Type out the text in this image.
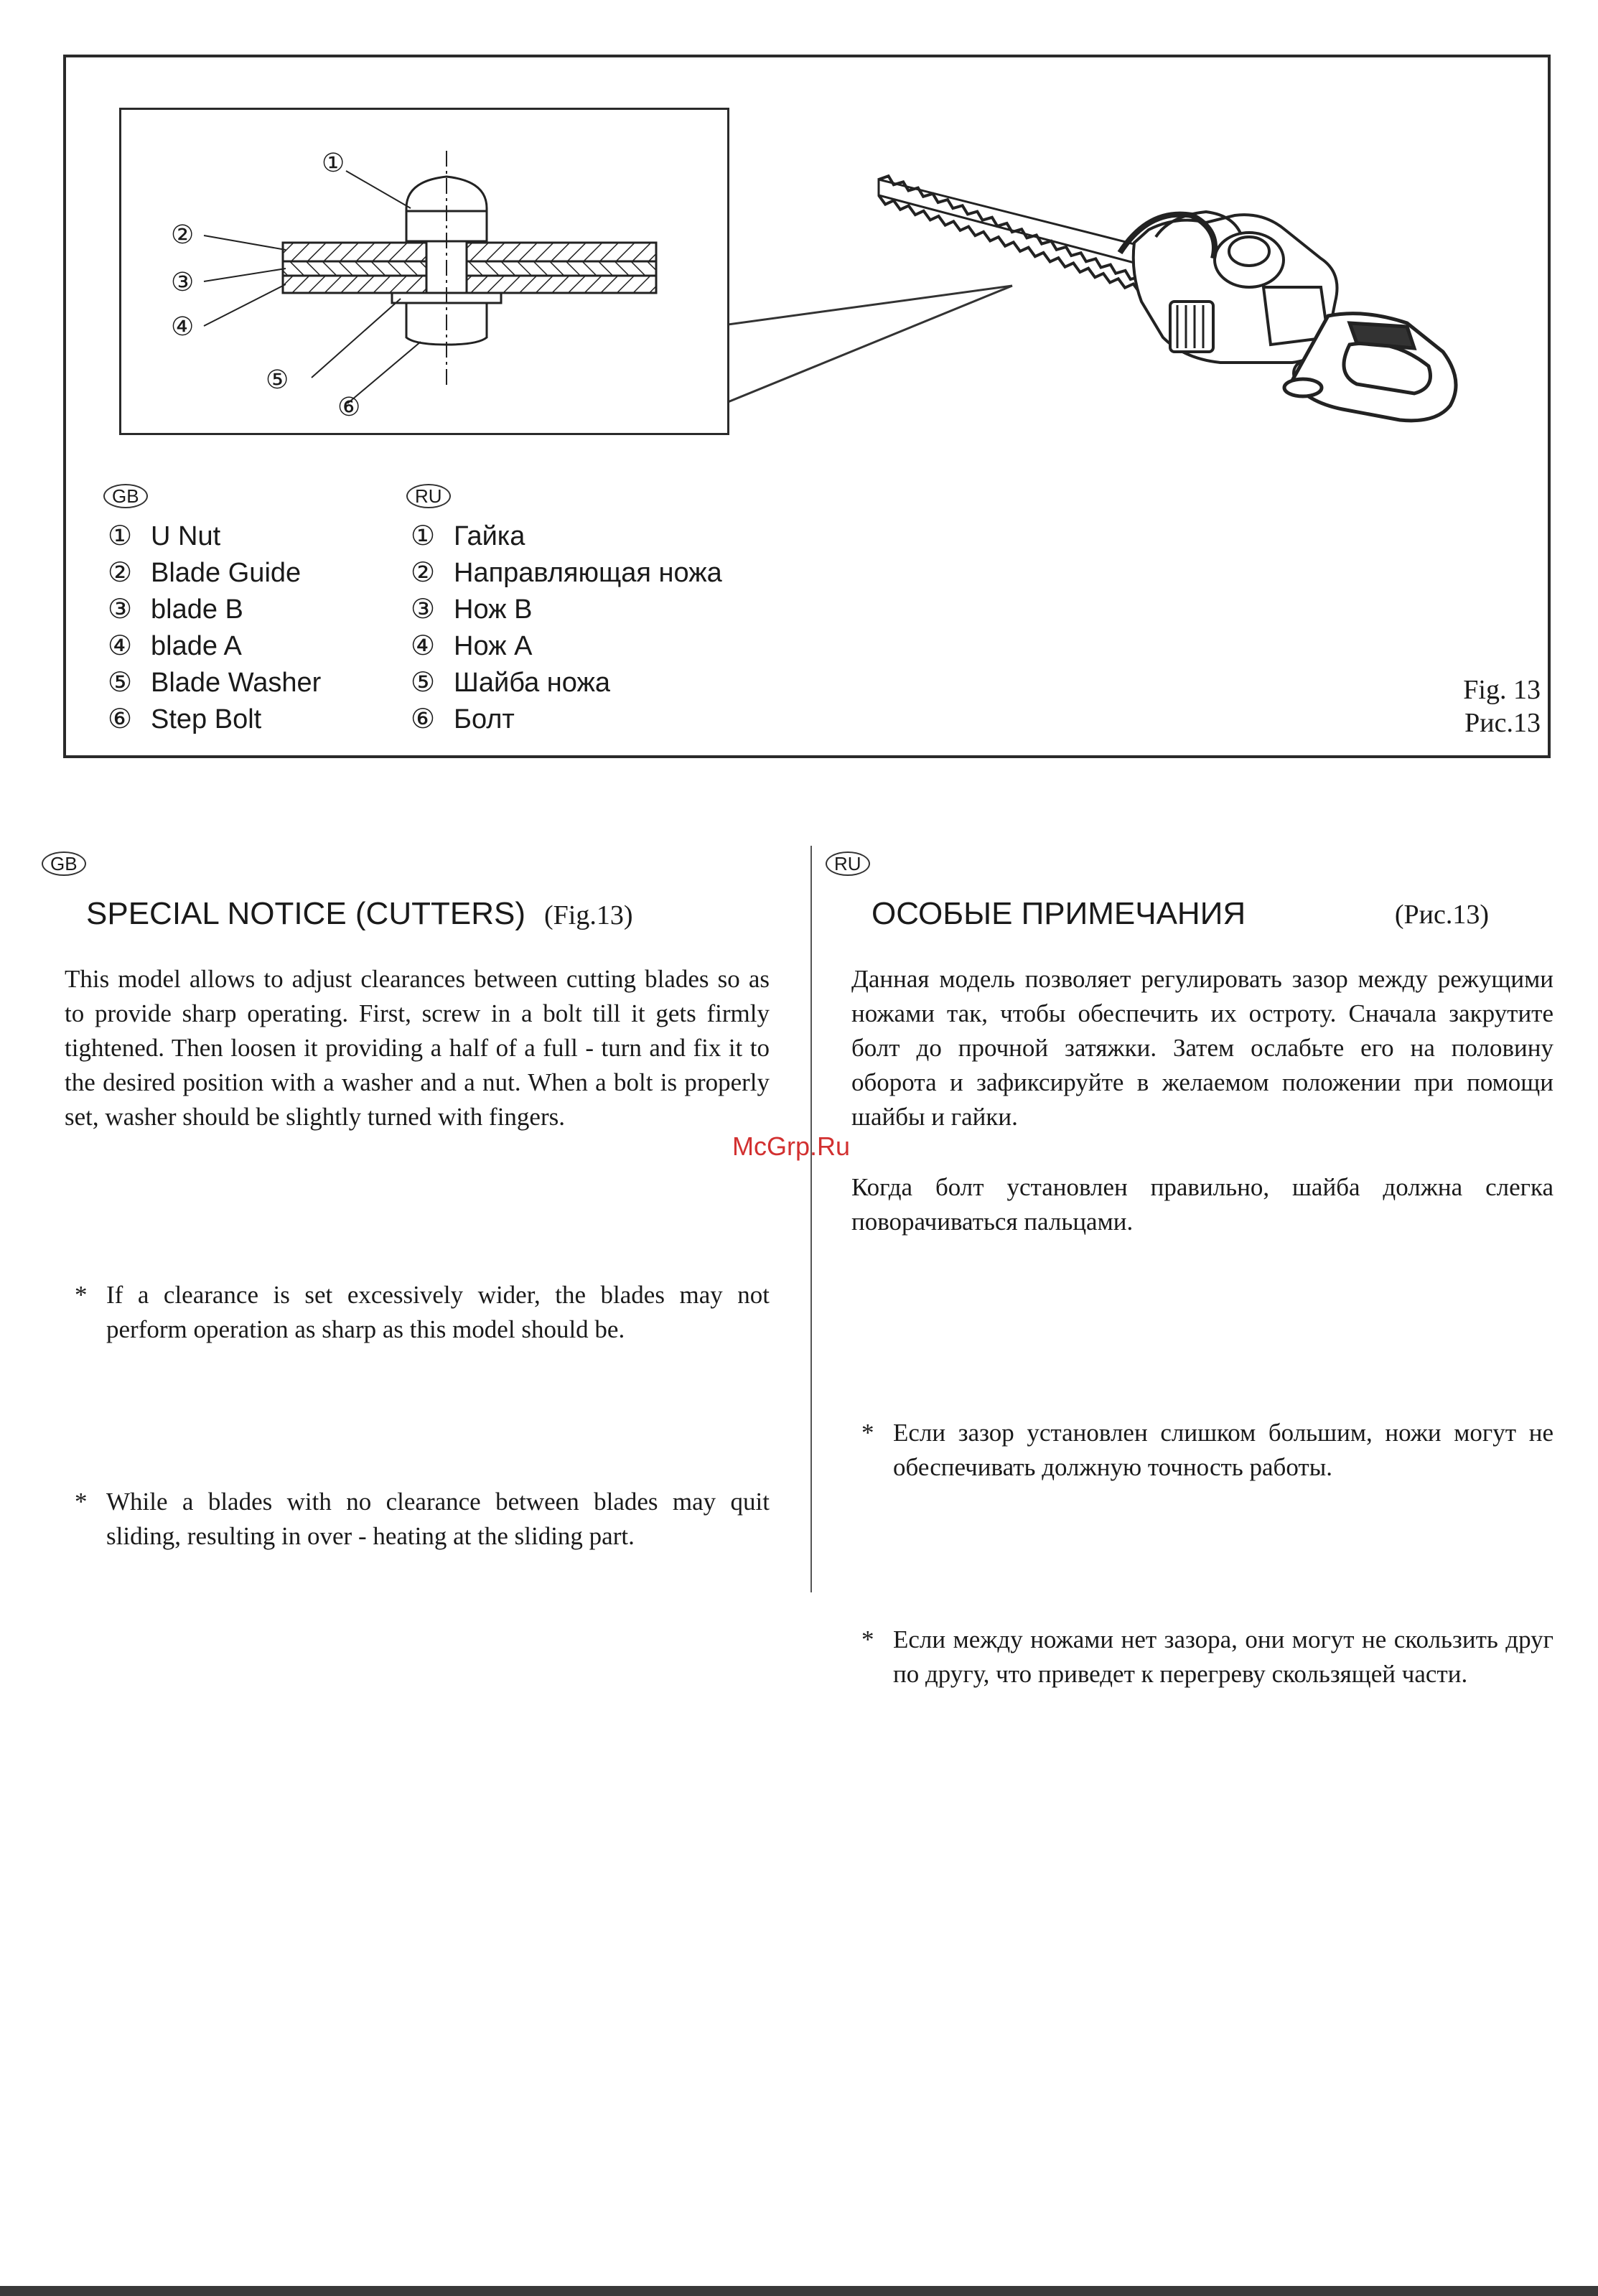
①
②
③
④
⑤
⑥
GB	RU
① U Nut
② Blade Guide
③ blade B
④ blade A
⑤ Blade Washer
⑥ Step Bolt
① Гайка
② Направляющая ножа
③ Нож В
④ Нож А
⑤ Шайба ножа
⑥ Болт
Fig. 13
Рис.13
GB
SPECIAL NOTICE (CUTTERS) (Fig.13)
This model allows to adjust clearances between cutting blades so as to provide sharp operating. First, screw in a bolt till it gets firmly tightened. Then loosen it providing a half of a full - turn and fix it to the desired position with a washer and a nut. When a bolt is properly set, washer should be slightly turned with fingers.
* If a clearance is set excessively wider, the blades may not perform operation as sharp as this model should be.
* While a blades with no clearance between blades may quit sliding, resulting in over - heating at the sliding part.
RU
ОСОБЫЕ ПРИМЕЧАНИЯ	(Рис.13)
Данная модель позволяет регулировать зазор между режущими ножами так, чтобы обеспечить их остроту. Сначала закрутите болт до прочной затяжки. Затем ослабьте его на половину оборота и зафиксируйте в желаемом положении при помощи шайбы и гайки.
Когда болт установлен правильно, шайба должна слегка поворачиваться пальцами.
* Если зазор установлен слишком большим, ножи могут не обеспечивать должную точность работы.
* Если между ножами нет зазора, они могут не скользить друг по другу, что приведет к перегреву скользящей части.
McGrp.Ru
